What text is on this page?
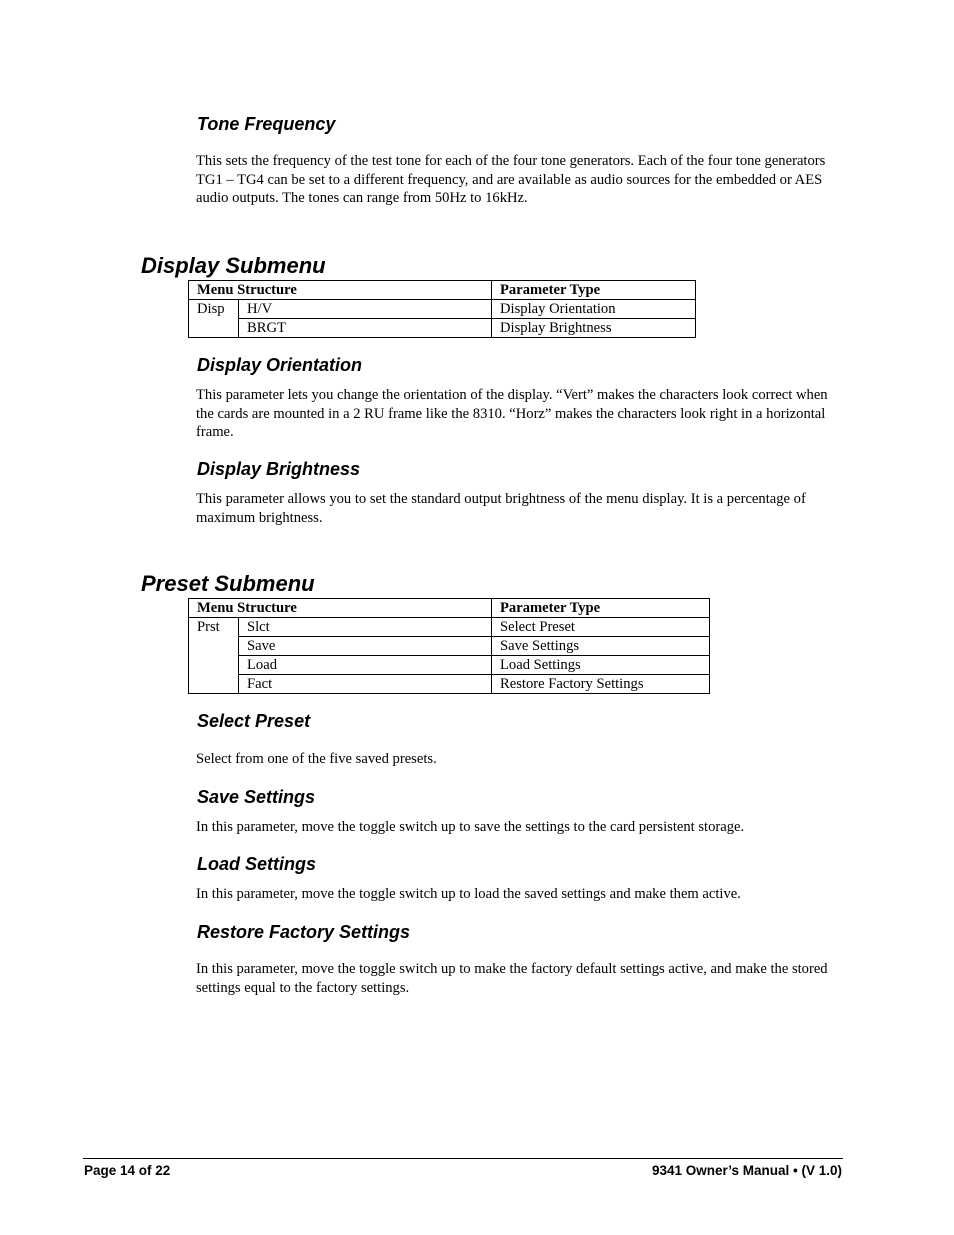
Tone Frequency

This sets the frequency of the test tone for each of the four tone generators. Each of the four tone generators TG1 – TG4 can be set to a different frequency, and are available as audio sources for the embedded or AES audio outputs. The tones can range from 50Hz to 16kHz.

Display Submenu
Menu Structure		Parameter Type
Disp	H/V	Display Orientation
	BRGT	Display Brightness
Display Orientation

This parameter lets you change the orientation of the display. “Vert” makes the characters look correct when the cards are mounted in a 2 RU frame like the 8310. “Horz” makes the characters look right in a horizontal frame.

Display Brightness

This parameter allows you to set the standard output brightness of the menu display. It is a percentage of maximum brightness.

Preset Submenu
Menu Structure		Parameter Type
Prst	Slct	Select Preset
	Save	Save Settings
	Load	Load Settings
	Fact	Restore Factory Settings
Select Preset

Select from one of the five saved presets.

Save Settings

In this parameter, move the toggle switch up to save the settings to the card persistent storage.

Load Settings

In this parameter, move the toggle switch up to load the saved settings and make them active.

Restore Factory Settings

In this parameter, move the toggle switch up to make the factory default settings active, and make the stored settings equal to the factory settings.

Page 14 of 22	9341 Owner’s Manual • (V 1.0)
